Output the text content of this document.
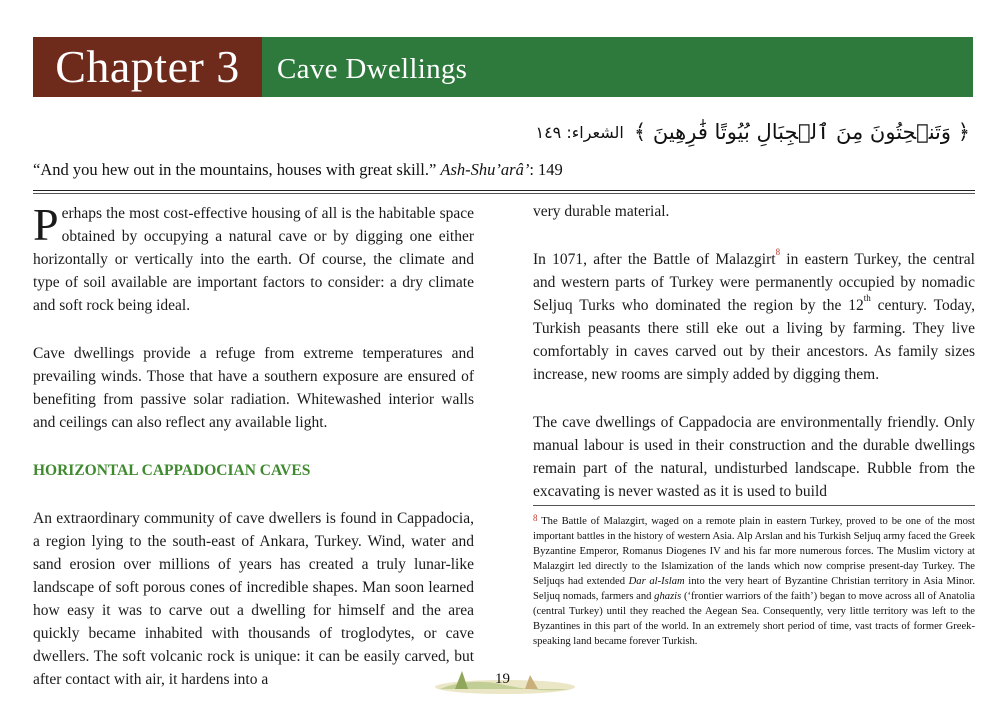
Chapter 3	Cave Dwellings
﴿ وَتَنۡحِتُونَ مِنَ ٱلۡجِبَالِ بُيُوتًا فَٰرِهِينَ ﴾
الشعراء: ١٤٩
“And you hew out in the mountains, houses with great skill.” Ash-Shu’arâ’: 149

Perhaps the most cost-effective housing of all is the habitable space obtained by occupying a natural cave or by digging one either horizontally or vertically into the earth. Of course, the climate and type of soil available are important factors to consider: a dry climate and soft rock being ideal.

Cave dwellings provide a refuge from extreme temperatures and prevailing winds. Those that have a southern exposure are ensured of benefiting from passive solar radiation. Whitewashed interior walls and ceilings can also reflect any available light.

HORIZONTAL CAPPADOCIAN CAVES

An extraordinary community of cave dwellers is found in Cappadocia, a region lying to the south-east of Ankara, Turkey. Wind, water and sand erosion over millions of years has created a truly lunar-like landscape of soft porous cones of incredible shapes. Man soon learned how easy it was to carve out a dwelling for himself and the area quickly became inhabited with thousands of troglodytes, or cave dwellers. The soft volcanic rock is unique: it can be easily carved, but after contact with air, it hardens into a

very durable material.

In 1071, after the Battle of Malazgirt$^8$ in eastern Turkey, the central and western parts of Turkey were permanently occupied by nomadic Seljuq Turks who dominated the region by the 12th century. Today, Turkish peasants there still eke out a living by farming. They live comfortably in caves carved out by their ancestors. As family sizes increase, new rooms are simply added by digging them.

The cave dwellings of Cappadocia are environmentally friendly. Only manual labour is used in their construction and the durable dwellings remain part of the natural, undisturbed landscape. Rubble from the excavating is never wasted as it is used to build

$^8$ The Battle of Malazgirt, waged on a remote plain in eastern Turkey, proved to be one of the most important battles in the history of western Asia. Alp Arslan and his Turkish Seljuq army faced the Greek Byzantine Emperor, Romanus Diogenes IV and his far more numerous forces. The Muslim victory at Malazgirt led directly to the Islamization of the lands which now comprise present-day Turkey. The Seljuqs had extended Dar al-Islam into the very heart of Byzantine Christian territory in Asia Minor. Seljuq nomads, farmers and ghazis (‘frontier warriors of the faith’) began to move across all of Anatolia (central Turkey) until they reached the Aegean Sea. Consequently, very little territory was left to the Byzantines in this part of the world. In an extremely short period of time, vast tracts of former Greek-speaking land became forever Turkish.
19
